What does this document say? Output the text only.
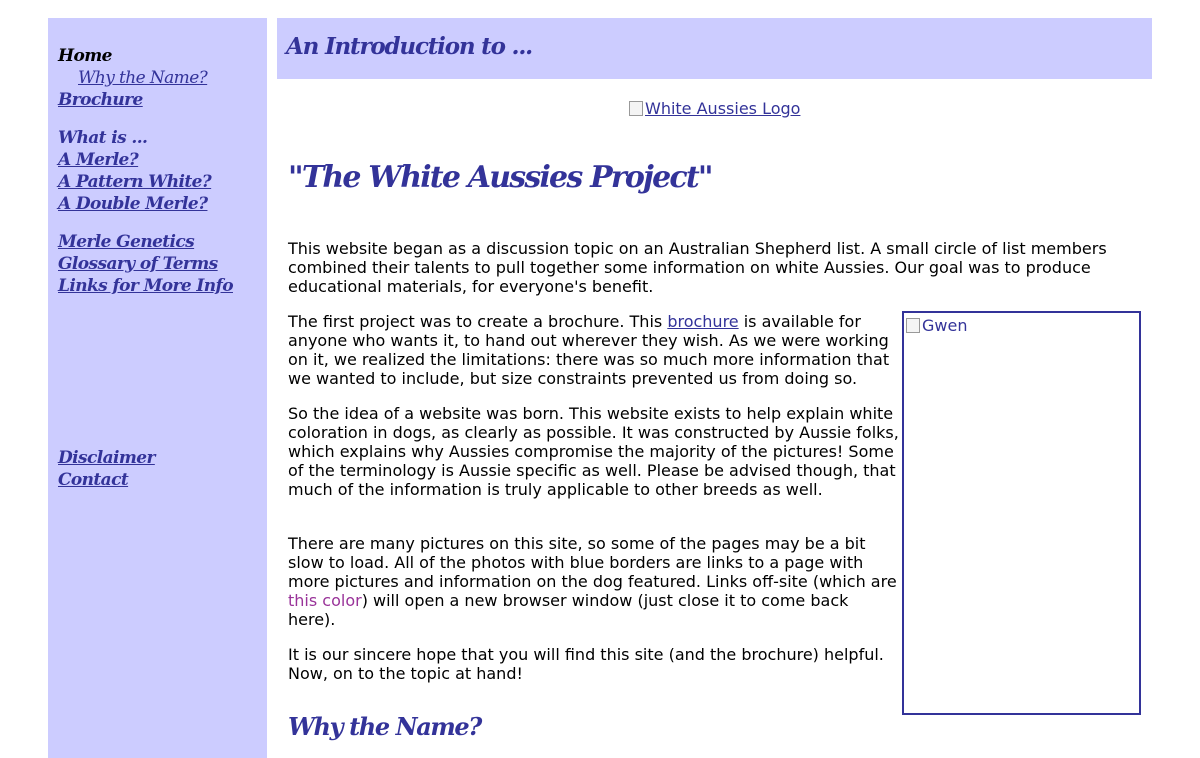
Home
Why the Name?
Brochure
What is ...
A Merle?
A Pattern White?
A Double Merle?
Merle Genetics
Glossary of Terms
Links for More Info
Disclaimer
Contact
An Introduction to ...
White Aussies Logo
"The White Aussies Project"

This website began as a discussion topic on an Australian Shepherd list. A small circle of list members combined their talents to pull together some information on white Aussies. Our goal was to produce educational materials, for everyone's benefit.

The first project was to create a brochure. This brochure is available for anyone who wants it, to hand out wherever they wish. As we were working on it, we realized the limitations: there was so much more information that we wanted to include, but size constraints prevented us from doing so.

So the idea of a website was born. This website exists to help explain white coloration in dogs, as clearly as possible. It was constructed by Aussie folks, which explains why Aussies compromise the majority of the pictures! Some of the terminology is Aussie specific as well. Please be advised though, that much of the information is truly applicable to other breeds as well.

There are many pictures on this site, so some of the pages may be a bit slow to load. All of the photos with blue borders are links to a page with more pictures and information on the dog featured. Links off-site (which are this color) will open a new browser window (just close it to come back here).

It is our sincere hope that you will find this site (and the brochure) helpful. Now, on to the topic at hand!

Gwen
Why the Name?
